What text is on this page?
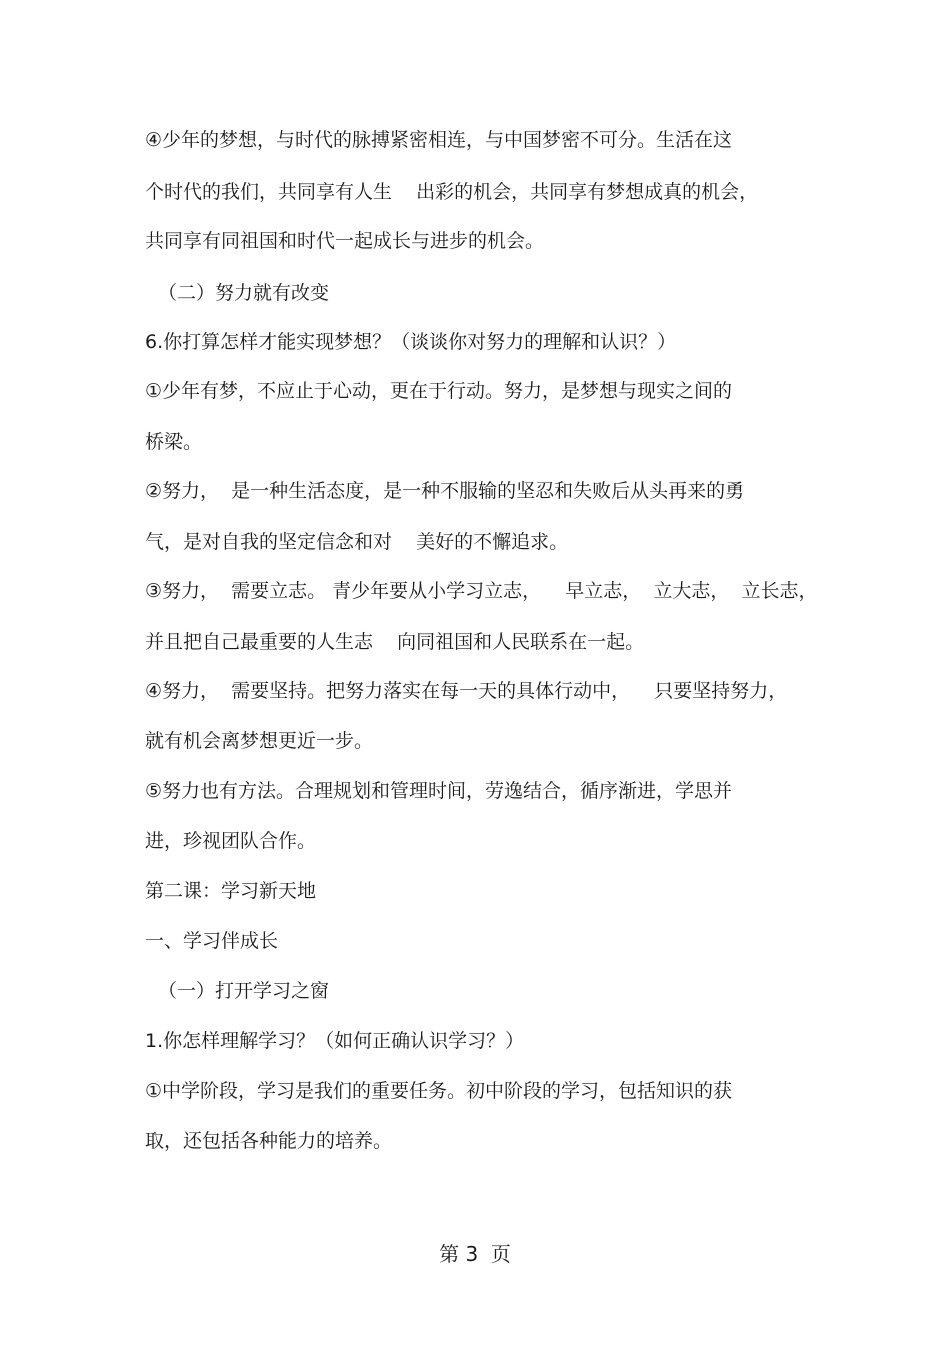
④少年的梦想，与时代的脉搏紧密相连，与中国梦密不可分。生活在这

个时代的我们，共同享有人生    出彩的机会，共同享有梦想成真的机会，

共同享有同祖国和时代一起成长与进步的机会。

（二）努力就有改变

6.你打算怎样才能实现梦想？（谈谈你对努力的理解和认识？）

①少年有梦，不应止于心动，更在于行动。努力，是梦想与现实之间的

桥梁。

②努力，  是一种生活态度，是一种不服输的坚忍和失败后从头再来的勇

气，是对自我的坚定信念和对    美好的不懈追求。

③努力，  需要立志。 青少年要从小学习立志，    早立志，  立大志，  立长志，

并且把自己最重要的人生志    向同祖国和人民联系在一起。

④努力，  需要坚持。把努力落实在每一天的具体行动中，    只要坚持努力，

就有机会离梦想更近一步。

⑤努力也有方法。合理规划和管理时间，劳逸结合，循序渐进，学思并

进，珍视团队合作。

第二课：学习新天地

一、学习伴成长

（一）打开学习之窗

1.你怎样理解学习？（如何正确认识学习？）

①中学阶段，学习是我们的重要任务。初中阶段的学习，包括知识的获

取，还包括各种能力的培养。

第 3  页
